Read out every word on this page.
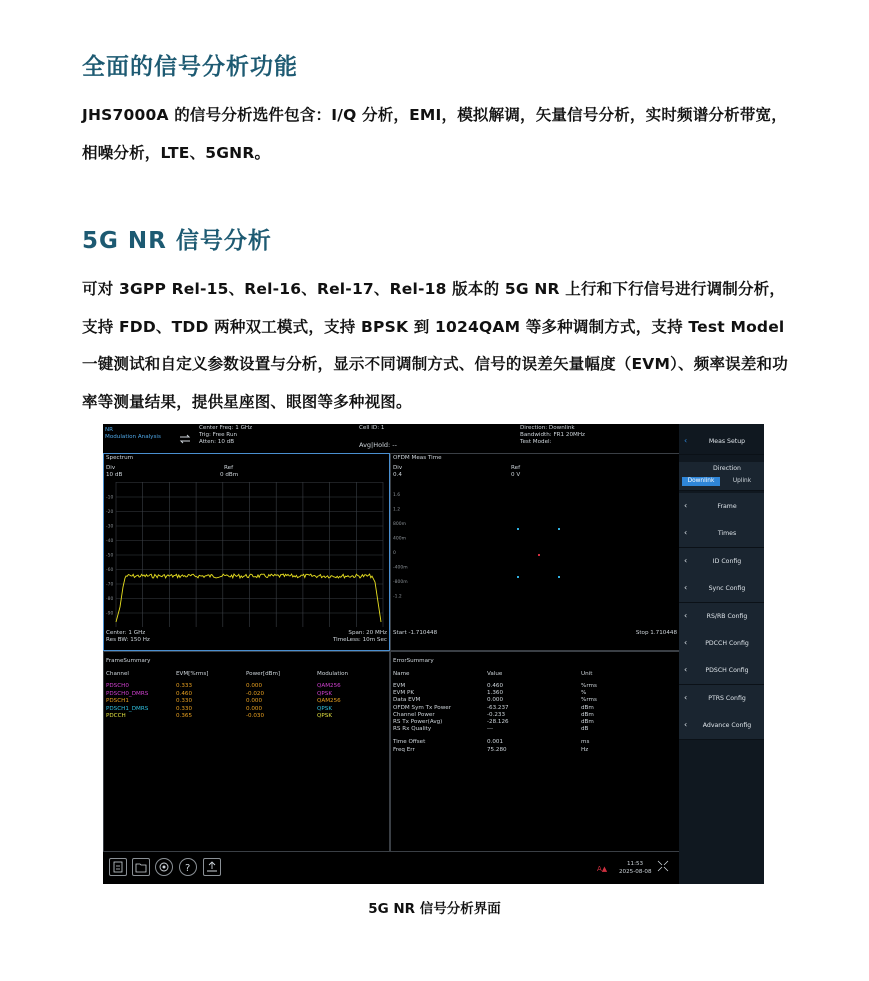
全面的信号分析功能
JHS7000A 的信号分析选件包含：I/Q 分析，EMI，模拟解调，矢量信号分析，实时频谱分析带宽，相噪分析，LTE、5GNR。
5G NR 信号分析
可对 3GPP Rel-15、Rel-16、Rel-17、Rel-18 版本的 5G NR 上行和下行信号进行调制分析，支持 FDD、TDD 两种双工模式，支持 BPSK 到 1024QAM 等多种调制方式，支持 Test Model 一键测试和自定义参数设置与分析，显示不同调制方式、信号的误差矢量幅度（EVM）、频率误差和功率等测量结果，提供星座图、眼图等多种视图。
NR
Modulation Analysis
Center Freq: 1 GHz
Trig: Free Run
Atten: 10 dB
Cell ID: 1
Avg|Hold: --
Direction: Downlink
Bandwidth: FR1 20MHz
Test Model:
Spectrum
Div
10 dB
Ref
0 dBm
-10
-20
-30
-40
-50
-60
-70
-80
-90
Center: 1 GHz
Res BW: 150 Hz
Span: 20 MHz
TimeLess: 10m Sec
OFDM Meas Time
Div
0.4
Ref
0 V
1.6
1.2
800m
400m
0
-400m
-800m
-1.2
Start -1.710448	Stop 1.710448
FrameSummary
Channel	EVM[%rms]	Power[dBm]	Modulation
PDSCH0	0.333	0.000	QAM256
PDSCH0_DMRS	0.460	-0.020	QPSK
PDSCH1	0.330	0.000	QAM256
PDSCH1_DMRS	0.330	0.000	QPSK
PDCCH	0.365	-0.030	QPSK
ErrorSummary
Name	Value	Unit
EVM	0.460	%rms
EVM PK	1.360	%
Data EVM	0.000	%rms
OFDM Sym Tx Power	-63.237	dBm
Channel Power	-0.233	dBm
RS Tx Power(Avg)	-28.126	dBm
RS Rx Quality	---	dB
Time Offset	0.001	ms
Freq Err	75.280	Hz
‹	Meas Setup
Direction
Downlink	Uplink
‹	Frame
‹	Times
‹	ID Config
‹	Sync Config
‹	RS/RB Config
‹	PDCCH Config
‹	PDSCH Config
‹	PTRS Config
‹	Advance Config
?	A▲
11:53
2025-08-08
5G NR 信号分析界面
